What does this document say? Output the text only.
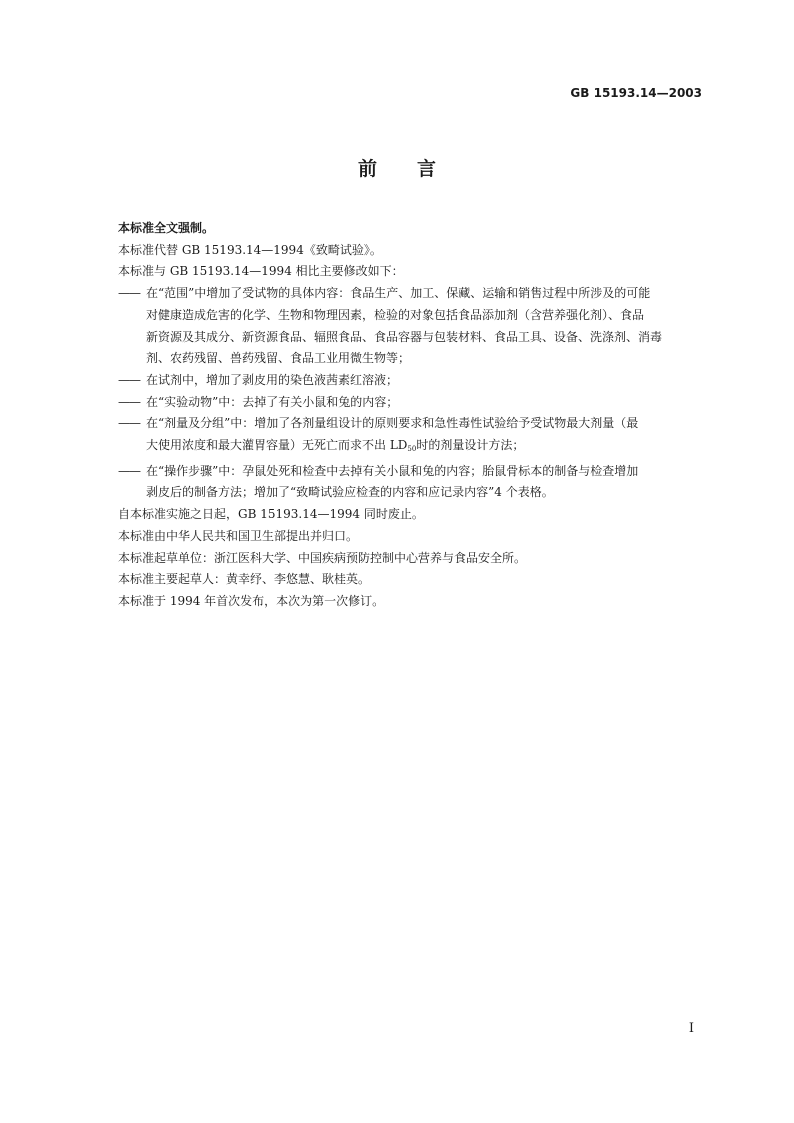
GB 15193.14—2003
前言

本标准全文强制。

本标准代替 GB 15193.14—1994《致畸试验》。

本标准与 GB 15193.14—1994 相比主要修改如下：

—— 在“范围”中增加了受试物的具体内容：食品生产、加工、保藏、运输和销售过程中所涉及的可能
对健康造成危害的化学、生物和物理因素，检验的对象包括食品添加剂（含营养强化剂）、食品
新资源及其成分、新资源食品、辐照食品、食品容器与包装材料、食品工具、设备、洗涤剂、消毒
剂、农药残留、兽药残留、食品工业用微生物等；
—— 在试剂中，增加了剥皮用的染色液茜素红溶液；
—— 在“实验动物”中：去掉了有关小鼠和兔的内容；
—— 在“剂量及分组”中：增加了各剂量组设计的原则要求和急性毒性试验给予受试物最大剂量（最
大使用浓度和最大灌胃容量）无死亡而求不出 $LD_{50}$时的剂量设计方法；
—— 在“操作步骤”中：孕鼠处死和检查中去掉有关小鼠和兔的内容；胎鼠骨标本的制备与检查增加
剥皮后的制备方法；增加了“致畸试验应检查的内容和应记录内容”4 个表格。

自本标准实施之日起，GB 15193.14—1994 同时废止。

本标准由中华人民共和国卫生部提出并归口。

本标准起草单位：浙江医科大学、中国疾病预防控制中心营养与食品安全所。

本标准主要起草人：黄幸纾、李悠慧、耿桂英。

本标准于 1994 年首次发布，本次为第一次修订。

I
